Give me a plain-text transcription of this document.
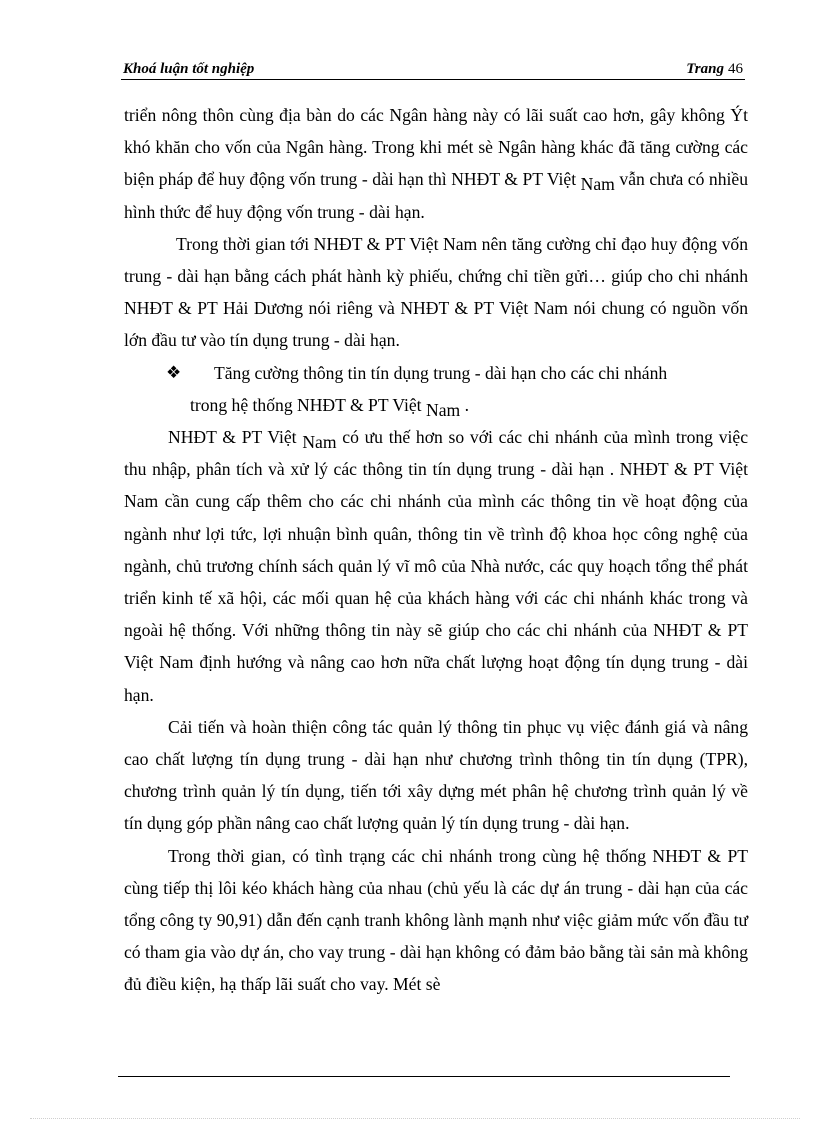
Khoá luận tốt nghiệp	Trang 46

triển nông thôn cùng địa bàn do các Ngân hàng này có lãi suất cao hơn, gây không Ýt khó khăn cho vốn của Ngân hàng. Trong khi mét sè Ngân hàng khác đã tăng cường các biện pháp để huy động vốn trung - dài hạn thì NHĐT & PT Việt Nam vẫn chưa có nhiều hình thức để huy động vốn trung - dài hạn.

Trong thời gian tới NHĐT & PT Việt Nam nên tăng cường chỉ đạo huy động vốn trung - dài hạn bằng cách phát hành kỳ phiếu, chứng chỉ tiền gửi… giúp cho chi nhánh NHĐT & PT Hải Dương nói riêng và NHĐT & PT Việt Nam nói chung có nguồn vốn lớn đầu tư vào tín dụng trung - dài hạn.

❖	Tăng cường thông tin tín dụng trung - dài hạn cho các chi nhánh
trong hệ thống NHĐT & PT Việt Nam .

NHĐT & PT Việt Nam có ưu thế hơn so với các chi nhánh của mình trong việc thu nhập, phân tích và xử lý các thông tin tín dụng trung - dài hạn . NHĐT & PT Việt Nam cần cung cấp thêm cho các chi nhánh của mình các thông tin về hoạt động của ngành như lợi tức, lợi nhuận bình quân, thông tin về trình độ khoa học công nghệ của ngành, chủ trương chính sách quản lý vĩ mô của Nhà nước, các quy hoạch tổng thể phát triển kinh tế xã hội, các mối quan hệ của khách hàng với các chi nhánh khác trong và ngoài hệ thống. Với những thông tin này sẽ giúp cho các chi nhánh của NHĐT & PT Việt Nam định hướng và nâng cao hơn nữa chất lượng hoạt động tín dụng trung - dài hạn.

Cải tiến và hoàn thiện công tác quản lý thông tin phục vụ việc đánh giá và nâng cao chất lượng tín dụng trung - dài hạn như chương trình thông tin tín dụng (TPR), chương trình quản lý tín dụng, tiến tới xây dựng mét phân hệ chương trình quản lý về tín dụng góp phần nâng cao chất lượng quản lý tín dụng trung - dài hạn.

Trong thời gian, có tình trạng các chi nhánh trong cùng hệ thống NHĐT & PT cùng tiếp thị lôi kéo khách hàng của nhau (chủ yếu là các dự án trung - dài hạn của các tổng công ty 90,91) dẫn đến cạnh tranh không lành mạnh như việc giảm mức vốn đầu tư có tham gia vào dự án, cho vay trung - dài hạn không có đảm bảo bằng tài sản mà không đủ điều kiện, hạ thấp lãi suất cho vay. Mét sè
